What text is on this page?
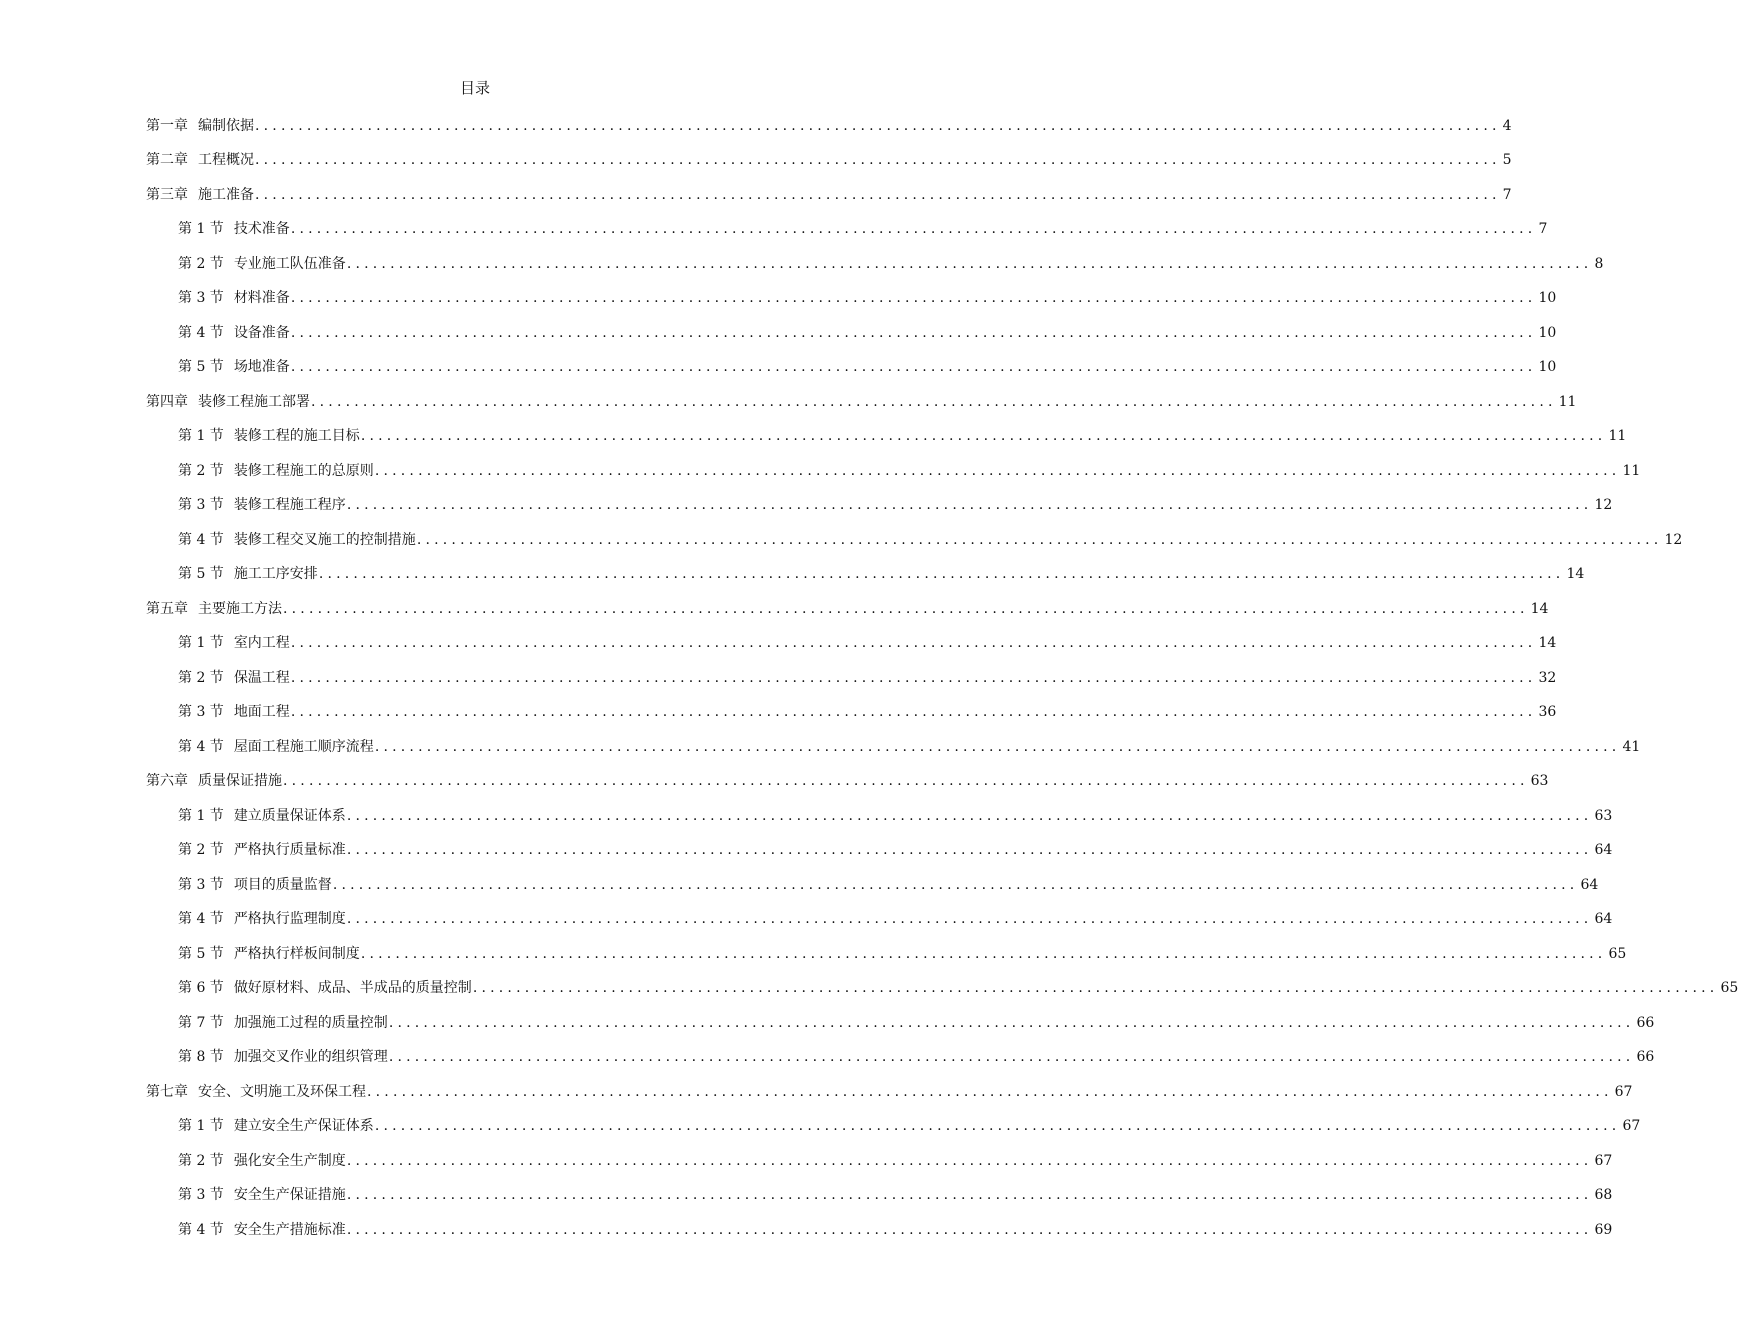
目录
第一章 编制依据 ................................................................................................................................................ 4
第二章 工程概况 ................................................................................................................................................ 5
第三章 施工准备 ................................................................................................................................................ 7
第 1 节 技术准备 ................................................................................................................................................ 7
第 2 节 专业施工队伍准备 ................................................................................................................................................ 8
第 3 节 材料准备 ................................................................................................................................................ 10
第 4 节 设备准备 ................................................................................................................................................ 10
第 5 节 场地准备 ................................................................................................................................................ 10
第四章 装修工程施工部署 ................................................................................................................................................ 11
第 1 节 装修工程的施工目标 ................................................................................................................................................ 11
第 2 节 装修工程施工的总原则 ................................................................................................................................................ 11
第 3 节 装修工程施工程序 ................................................................................................................................................ 12
第 4 节 装修工程交叉施工的控制措施 ................................................................................................................................................ 12
第 5 节 施工工序安排 ................................................................................................................................................ 14
第五章 主要施工方法 ................................................................................................................................................ 14
第 1 节 室内工程 ................................................................................................................................................ 14
第 2 节 保温工程 ................................................................................................................................................ 32
第 3 节 地面工程 ................................................................................................................................................ 36
第 4 节 屋面工程施工顺序流程 ................................................................................................................................................ 41
第六章 质量保证措施 ................................................................................................................................................ 63
第 1 节 建立质量保证体系 ................................................................................................................................................ 63
第 2 节 严格执行质量标准 ................................................................................................................................................ 64
第 3 节 项目的质量监督 ................................................................................................................................................ 64
第 4 节 严格执行监理制度 ................................................................................................................................................ 64
第 5 节 严格执行样板间制度 ................................................................................................................................................ 65
第 6 节 做好原材料、成品、半成品的质量控制 ................................................................................................................................................ 65
第 7 节 加强施工过程的质量控制 ................................................................................................................................................ 66
第 8 节 加强交叉作业的组织管理 ................................................................................................................................................ 66
第七章 安全、文明施工及环保工程 ................................................................................................................................................ 67
第 1 节 建立安全生产保证体系 ................................................................................................................................................ 67
第 2 节 强化安全生产制度 ................................................................................................................................................ 67
第 3 节 安全生产保证措施 ................................................................................................................................................ 68
第 4 节 安全生产措施标准 ................................................................................................................................................ 69
